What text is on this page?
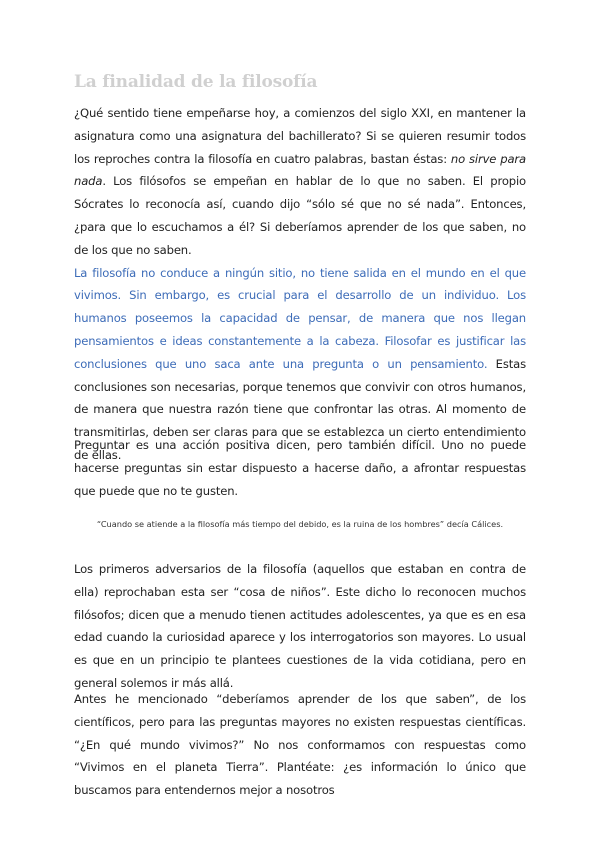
La finalidad de la filosofía

¿Qué sentido tiene empeñarse hoy, a comienzos del siglo XXI, en mantener la asignatura como una asignatura del bachillerato? Si se quieren resumir todos los reproches contra la filosofía en cuatro palabras, bastan éstas: no sirve para nada. Los filósofos se empeñan en hablar de lo que no saben. El propio Sócrates lo reconocía así, cuando dijo “sólo sé que no sé nada”. Entonces, ¿para que lo escuchamos a él? Si deberíamos aprender de los que saben, no de los que no saben.
La filosofía no conduce a ningún sitio, no tiene salida en el mundo en el que vivimos. Sin embargo, es crucial para el desarrollo de un individuo. Los humanos poseemos la capacidad de pensar, de manera que nos llegan pensamientos e ideas constantemente a la cabeza. Filosofar es justificar las conclusiones que uno saca ante una pregunta o un pensamiento. Estas conclusiones son necesarias, porque tenemos que convivir con otros humanos, de manera que nuestra razón tiene que confrontar las otras. Al momento de transmitirlas, deben ser claras para que se establezca un cierto entendimiento de ellas.

Preguntar es una acción positiva dicen, pero también difícil. Uno no puede hacerse preguntas sin estar dispuesto a hacerse daño, a afrontar respuestas que puede que no te gusten.

“Cuando se atiende a la filosofía más tiempo del debido, es la ruina de los hombres” decía Cálices.

Los primeros adversarios de la filosofía (aquellos que estaban en contra de ella) reprochaban esta ser “cosa de niños”. Este dicho lo reconocen muchos filósofos; dicen que a menudo tienen actitudes adolescentes, ya que es en esa edad cuando la curiosidad aparece y los interrogatorios son mayores. Lo usual es que en un principio te plantees cuestiones de la vida cotidiana, pero en general solemos ir más allá.

Antes he mencionado “deberíamos aprender de los que saben”, de los científicos, pero para las preguntas mayores no existen respuestas científicas. “¿En qué mundo vivimos?” No nos conformamos con respuestas como “Vivimos en el planeta Tierra”. Plantéate: ¿es información lo único que buscamos para entendernos mejor a nosotros
